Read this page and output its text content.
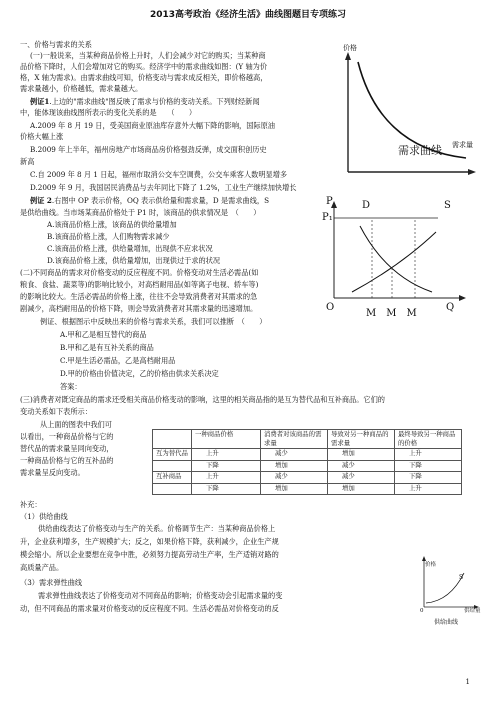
2013高考政治《经济生活》曲线图题目专项练习
一、价格与需求的关系
(一)一般说来，当某种商品价格上升时，人们会减少对它的购买；当某种商
品价格下降时，人们会增加对它的购买。经济学中的需求曲线如图：(Y 轴为价
格，X 轴为需求)。由需求曲线可知，价格变动与需求成反相关，即价格越高，
需求量越小，价格越低，需求量越大。
例证1.上边的"需求曲线"图反映了需求与价格的变动关系。下列财经新闻
中，能体现该曲线图所表示的变化关系的是　　（　　）
A.2009 年 8 月 19 日，受美国商业原油库存意外大幅下降的影响，国际原油
价格大幅上涨
B.2009 年上半年，福州房地产市场商品房价格强劲反弹，成交面积创历史
新高
C.自 2009 年 8 月 1 日起，福州市取消公交车空调费，公交车乘客人数明显增多
D.2009 年 9 月，我国居民消费品与去年同比下降了 1.2%，工业生产继续加快增长
价格
需求量
需求曲线
例证 2.右图中 OP 表示价格，OQ 表示供给量和需求量，D 是需求曲线，S
是供给曲线。当市场某商品价格处于 P1 时，该商品的供求情况是　（　　）
A.该商品价格上涨，该商品的供给量增加
B.该商品价格上涨，人们购物需求减少
C.该商品价格上涨，供给量增加，出现供不应求状况
D.该商品价格上涨，供给量增加，出现供过于求的状况
P
P₁
D	S
O	Q
M　M　M
(二)不同商品的需求对价格变动的反应程度不同。价格变动对生活必需品(如
粮食、食盐、蔬菜等)的影响比较小，对高档耐用品(如等离子电视、轿车等)
的影响比较大。生活必需品的价格上涨，往往不会导致消费者对其需求的急
剧减少，高档耐用品的价格下降，则会导致消费者对其需求量的迅速增加。
例证、根据图示中反映出来的价格与需求关系，我们可以推断　（　　）
A.甲和乙是相互替代的商品
B.甲和乙是有互补关系的商品
C.甲是生活必需品，乙是高档耐用品
D.甲的价格由价值决定，乙的价格由供求关系决定
答案：
(三)消费者对既定商品的需求还受相关商品价格变动的影响，这里的相关商品指的是互为替代品和互补商品。它们的
变动关系如下表所示：
从上面的图表中我们可
以看出，一种商品价格与它的
替代品的需求量呈同向变动，
一种商品价格与它的互补品的
需求量呈反向变动。
	一种商品价格	消费者对该商品的需求量	导致对另一种商品的需求量	最终导致另一种商品的价格
互为替代品	上升	减少	增加	上升
	下降	增加	减少	下降
互补商品	上升	减少	减少	下降
	下降	增加	增加	上升
补充：
（1）供给曲线
供给曲线表达了价格变动与生产的关系。价格调节生产：当某种商品价格上
升，企业获利增多，生产规模扩大；反之，如果价格下降，获利减少，企业生产规
模会缩小。所以企业要想在竞争中胜，必须努力提高劳动生产率，生产适销对路的
高质量产品。
（3）需求弹性曲线
需求弹性曲线表达了价格变动对不同商品的影响；价格变动会引起需求量的变
动，但不同商品的需求量对价格变动的反应程度不同。生活必需品对价格变动的反
价格
S
0	供给量
供给曲线
1
